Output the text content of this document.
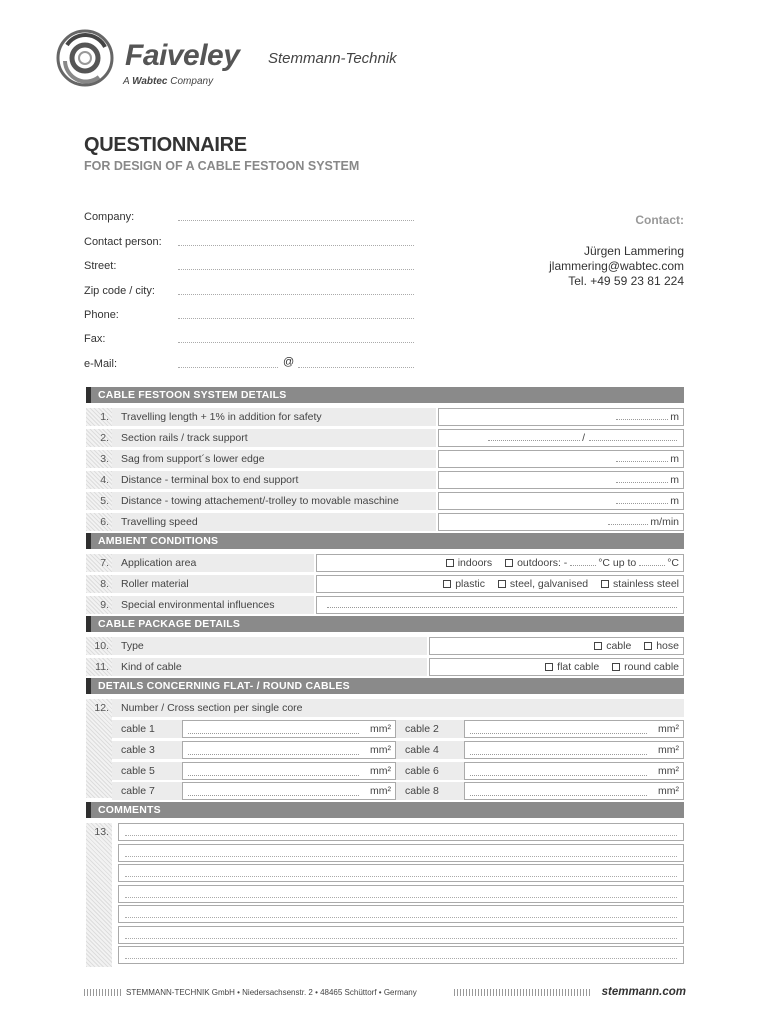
Faiveley Stemmann-Technik
A Wabtec Company
QUESTIONNAIRE
FOR DESIGN OF A CABLE FESTOON SYSTEM
Company:
Contact person:
Street:
Zip code / city:
Phone:
Fax:
e-Mail:	@
Contact:
Jürgen Lammering
jlammering@wabtec.com
Tel. +49 59 23 81 224
CABLE FESTOON SYSTEM DETAILS
1.	Travelling length + 1% in addition for safety	m
2.	Section rails / track support	/
3.	Sag from support´s lower edge	m
4.	Distance - terminal box to end support	m
5.	Distance - towing attachement/-trolley to movable maschine	m
6.	Travelling speed	m/min
AMBIENT CONDITIONS
7.	Application area	indoors outdoors: -	°C up to	°C
8.	Roller material	plastic steel, galvanised stainless steel
9.	Special environmental influences
CABLE PACKAGE DETAILS
10.	Type	cable hose
11.	Kind of cable	flat cable round cable
DETAILS CONCERNING FLAT- / ROUND CABLES
12.	Number / Cross section per single core
cable 1	mm²	cable 2	mm²
cable 3	mm²	cable 4	mm²
cable 5	mm²	cable 6	mm²
cable 7	mm²	cable 8	mm²
COMMENTS
13.
STEMMANN-TECHNIK GmbH • Niedersachsenstr. 2 • 48465 Schüttorf • Germany	stemmann.com
